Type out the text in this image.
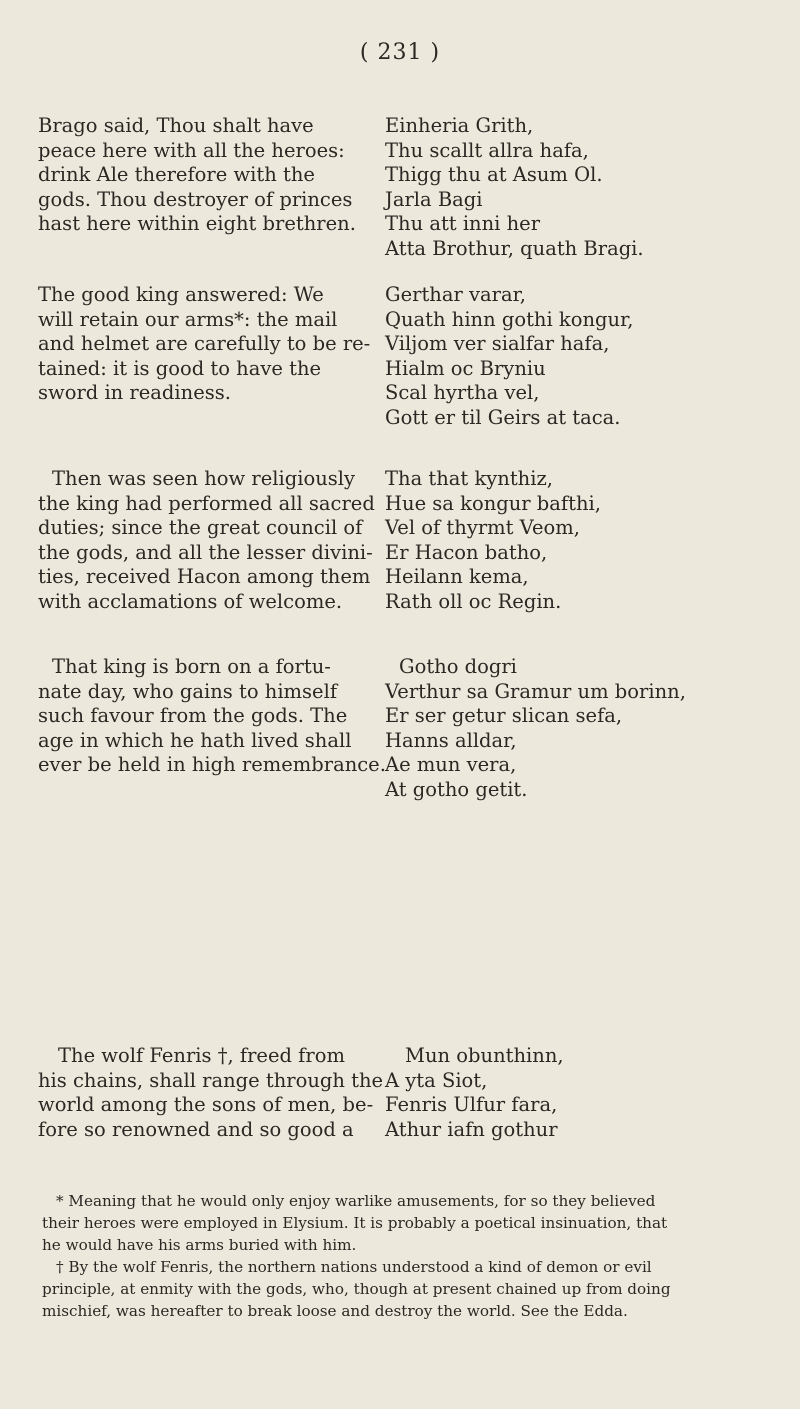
( 231 )
Brago said, Thou shalt have
peace here with all the heroes:
drink Ale therefore with the
gods. Thou destroyer of princes
hast here within eight brethren.
Einheria Grith,
Thu scallt allra hafa,
Thigg thu at Asum Ol.
Jarla Bagi
Thu att inni her
Atta Brothur, quath Bragi.
The good king answered: We
will retain our arms*: the mail
and helmet are carefully to be re-
tained: it is good to have the
sword in readiness.
Gerthar varar,
Quath hinn gothi kongur,
Viljom ver sialfar hafa,
Hialm oc Bryniu
Scal hyrtha vel,
Gott er til Geirs at taca.
Then was seen how religiously
the king had performed all sacred
duties; since the great council of
the gods, and all the lesser divini-
ties, received Hacon among them
with acclamations of welcome.
Tha that kynthiz,
Hue sa kongur bafthi,
Vel of thyrmt Veom,
Er Hacon batho,
Heilann kema,
Rath oll oc Regin.
That king is born on a fortu-
nate day, who gains to himself
such favour from the gods. The
age in which he hath lived shall
ever be held in high remembrance.
Gotho dogri
Verthur sa Gramur um borinn,
Er ser getur slican sefa,
Hanns alldar,
Ae mun vera,
At gotho getit.
The wolf Fenris †, freed from
his chains, shall range through the
world among the sons of men, be-
fore so renowned and so good a
Mun obunthinn,
A yta Siot,
Fenris Ulfur fara,
Athur iafn gothur
* Meaning that he would only enjoy warlike amusements, for so they believed
their heroes were employed in Elysium. It is probably a poetical insinuation, that
he would have his arms buried with him.
† By the wolf Fenris, the northern nations understood a kind of demon or evil
principle, at enmity with the gods, who, though at present chained up from doing
mischief, was hereafter to break loose and destroy the world. See the Edda.
